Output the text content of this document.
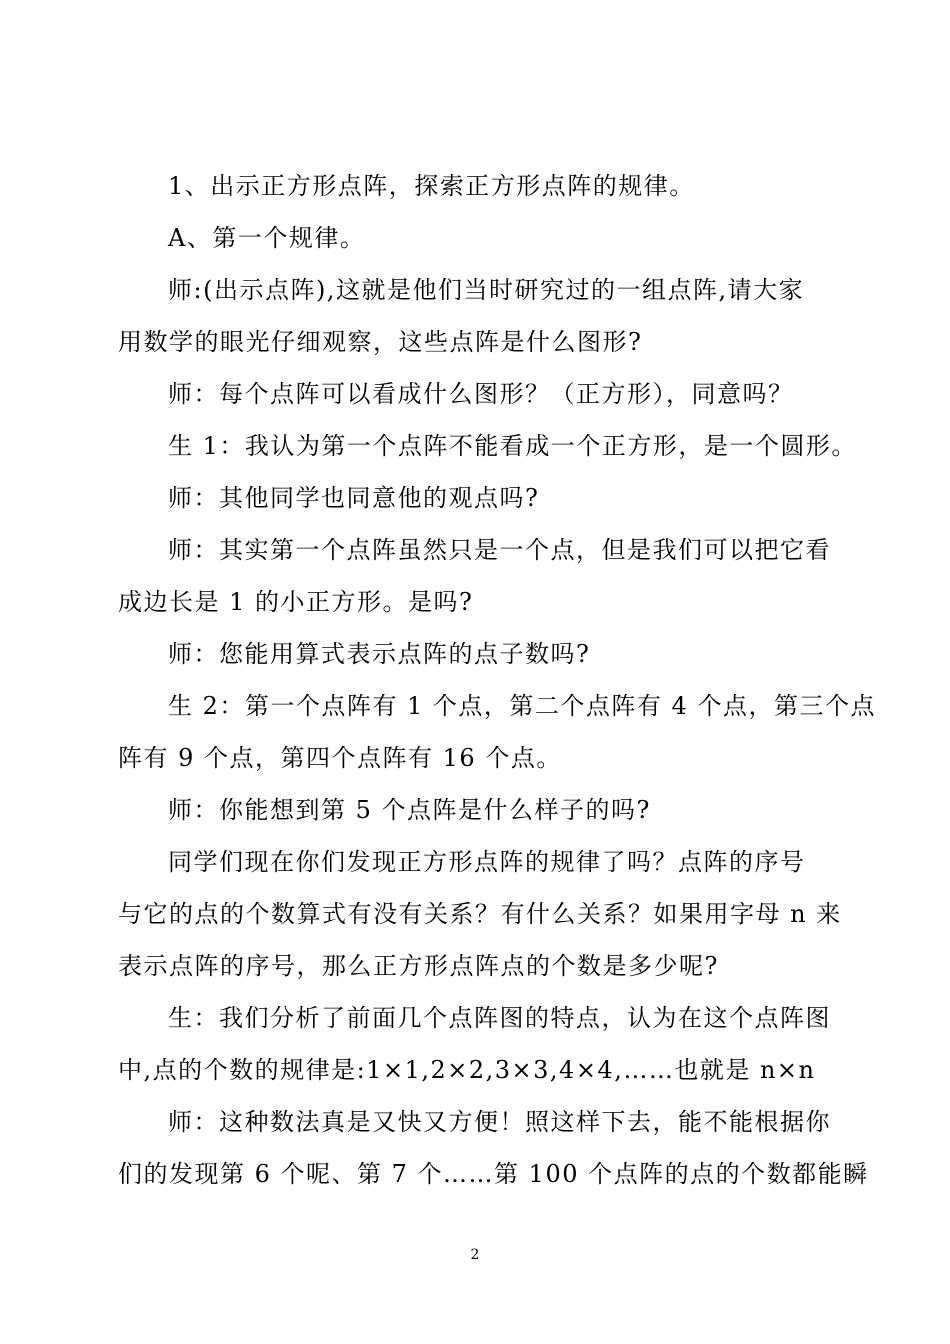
1、出示正方形点阵，探索正方形点阵的规律。

A、第一个规律。

师:(出示点阵),这就是他们当时研究过的一组点阵,请大家
用数学的眼光仔细观察，这些点阵是什么图形?

师：每个点阵可以看成什么图形？（正方形），同意吗？

生 1：我认为第一个点阵不能看成一个正方形，是一个圆形。

师：其他同学也同意他的观点吗?

师：其实第一个点阵虽然只是一个点，但是我们可以把它看
成边长是 1 的小正方形。是吗?

师：您能用算式表示点阵的点子数吗?

生 2：第一个点阵有 1 个点，第二个点阵有 4 个点，第三个点
阵有 9 个点，第四个点阵有 16 个点。

师：你能想到第 5 个点阵是什么样子的吗?

同学们现在你们发现正方形点阵的规律了吗？点阵的序号
与它的点的个数算式有没有关系？有什么关系？如果用字母 n 来
表示点阵的序号，那么正方形点阵点的个数是多少呢?

生：我们分析了前面几个点阵图的特点，认为在这个点阵图
中,点的个数的规律是:1×1,2×2,3×3,4×4,……也就是 n×n

师：这种数法真是又快又方便！照这样下去，能不能根据你
们的发现第 6 个呢、第 7 个……第 100 个点阵的点的个数都能瞬

2
